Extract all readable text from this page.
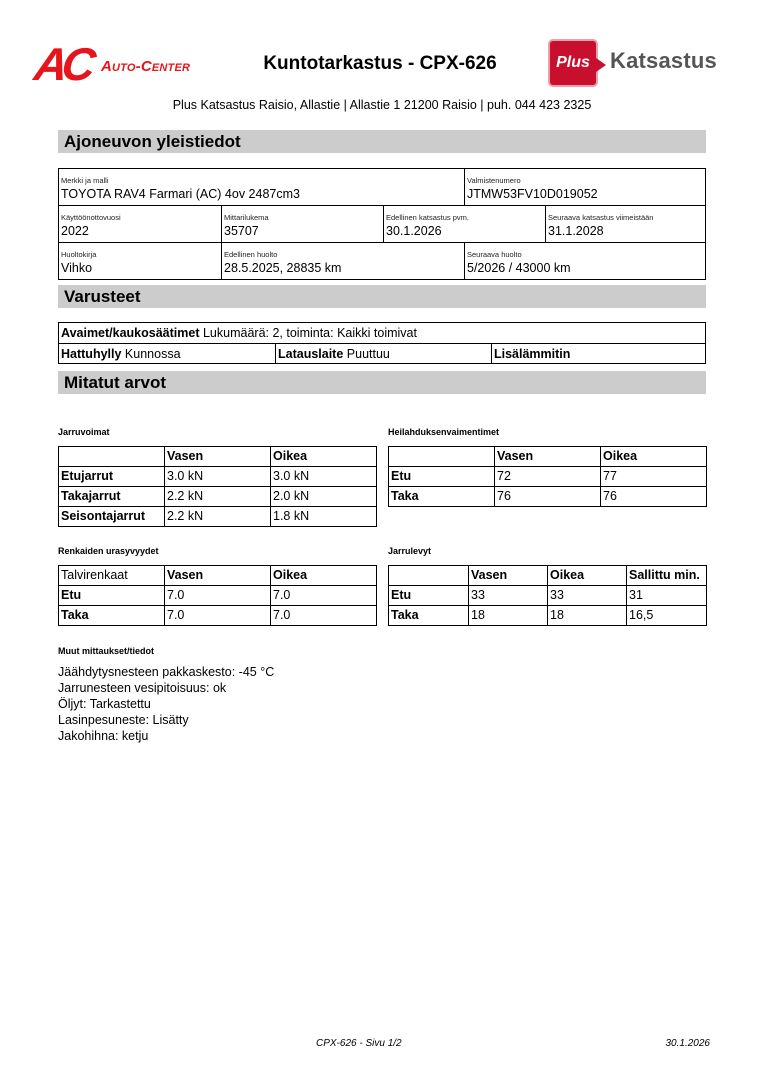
AC Auto-Center	Kuntotarkastus - CPX-626	Plus Katsastus
Plus Katsastus Raisio, Allastie | Allastie 1 21200 Raisio | puh. 044 423 2325
Ajoneuvon yleistiedot
Merkki ja malli
TOYOTA RAV4 Farmari (AC) 4ov 2487cm3
Valmistenumero
JTMW53FV10D019052
Käyttöönottovuosi
2022
Mittarilukema
35707
Edellinen katsastus pvm.
30.1.2026
Seuraava katsastus viimeistään
31.1.2028
Huoltokirja
Vihko
Edellinen huolto
28.5.2025, 28835 km
Seuraava huolto
5/2026 / 43000 km
Varusteet
Avaimet/kaukosäätimet Lukumäärä: 2, toiminta: Kaikki toimivat
Hattuhylly Kunnossa	Latauslaite Puuttuu	Lisälämmitin
Mitatut arvot
Jarruvoimat
	Vasen	Oikea
Etujarrut	3.0 kN	3.0 kN
Takajarrut	2.2 kN	2.0 kN
Seisontajarrut	2.2 kN	1.8 kN
Heilahduksenvaimentimet
	Vasen	Oikea
Etu	72	77
Taka	76	76
Renkaiden urasyvyydet
Talvirenkaat	Vasen	Oikea
Etu	7.0	7.0
Taka	7.0	7.0
Jarrulevyt
	Vasen	Oikea	Sallittu min.
Etu	33	33	31
Taka	18	18	16,5
Muut mittaukset/tiedot
Jäähdytysnesteen pakkaskesto: -45 °C
Jarrunesteen vesipitoisuus: ok
Öljyt: Tarkastettu
Lasinpesuneste: Lisätty
Jakohihna: ketju
CPX-626 - Sivu 1/2	30.1.2026
